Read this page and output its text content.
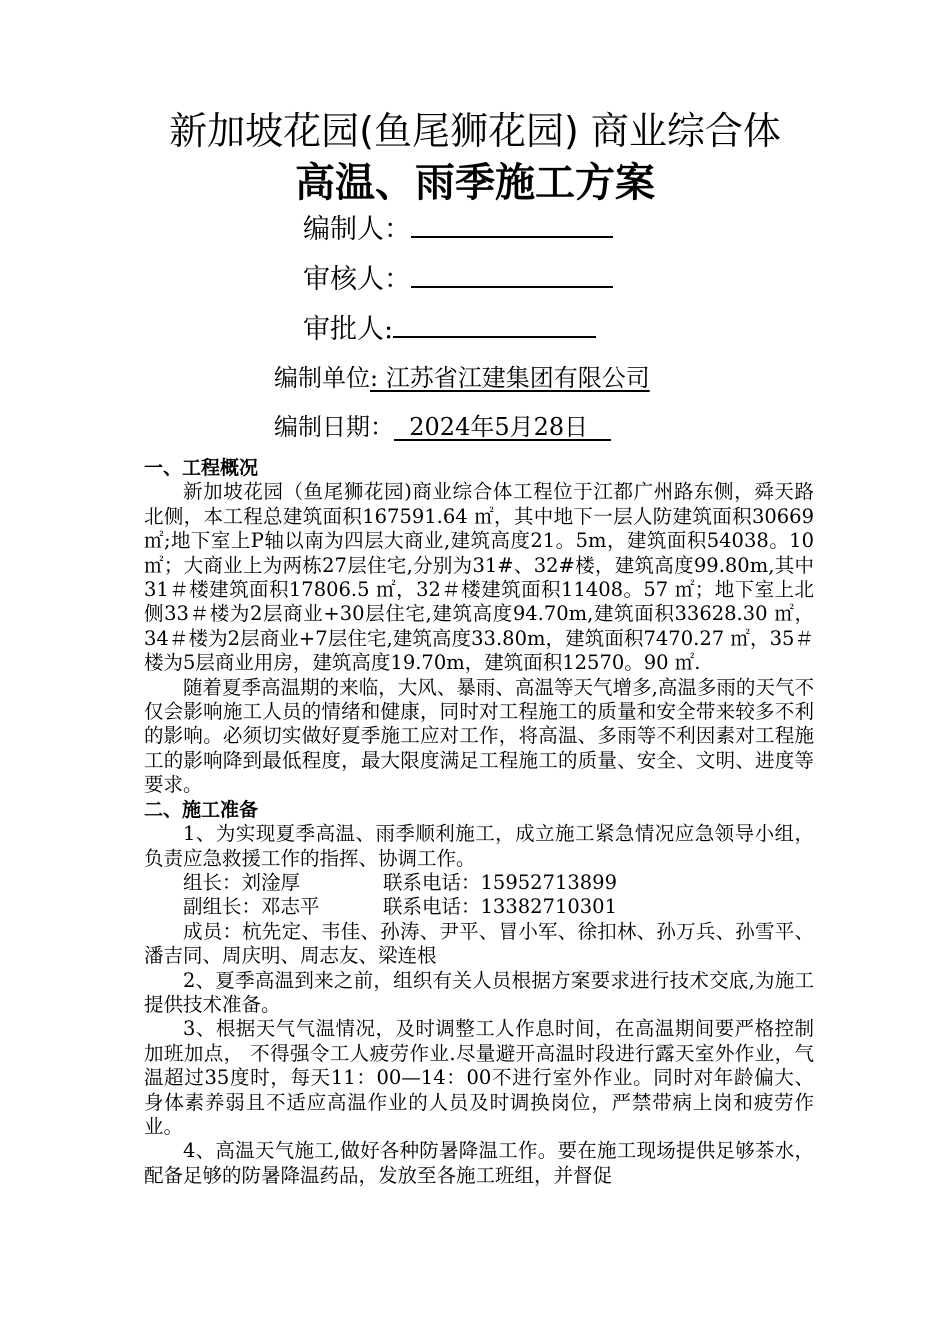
新加坡花园(鱼尾狮花园) 商业综合体
高温、雨季施工方案
编制人：
审核人：
审批人:
编制单位: 江苏省江建集团有限公司
编制日期：  2024年5月28日
一、工程概况

新加坡花园（鱼尾狮花园)商业综合体工程位于江都广州路东侧，舜天路北侧，本工程总建筑面积167591.64 ㎡，其中地下一层人防建筑面积30669㎡;地下室上P轴以南为四层大商业,建筑高度21。5m，建筑面积54038。10 ㎡；大商业上为两栋27层住宅,分别为31#、32#楼，建筑高度99.80m,其中31＃楼建筑面积17806.5 ㎡，32＃楼建筑面积11408。57 ㎡；地下室上北侧33＃楼为2层商业+30层住宅,建筑高度94.70m,建筑面积33628.30 ㎡，34＃楼为2层商业+7层住宅,建筑高度33.80m，建筑面积7470.27 ㎡，35＃楼为5层商业用房，建筑高度19.70m，建筑面积12570。90 ㎡.

随着夏季高温期的来临，大风、暴雨、高温等天气增多,高温多雨的天气不仅会影响施工人员的情绪和健康，同时对工程施工的质量和安全带来较多不利的影响。必须切实做好夏季施工应对工作，将高温、多雨等不利因素对工程施工的影响降到最低程度，最大限度满足工程施工的质量、安全、文明、进度等要求。

二、施工准备

1、为实现夏季高温、雨季顺利施工，成立施工紧急情况应急领导小组，负责应急救援工作的指挥、协调工作。

组长：刘淦厚	联系电话：15952713899

副组长：邓志平	联系电话：13382710301

成员：杭先定、韦佳、孙涛、尹平、冒小军、徐扣林、孙万兵、孙雪平、潘吉同、周庆明、周志友、梁连根

2、夏季高温到来之前，组织有关人员根据方案要求进行技术交底,为施工提供技术准备。

3、根据天气气温情况，及时调整工人作息时间，在高温期间要严格控制加班加点， 不得强令工人疲劳作业.尽量避开高温时段进行露天室外作业，气温超过35度时，每天11：00—14：00不进行室外作业。同时对年龄偏大、身体素养弱且不适应高温作业的人员及时调换岗位，严禁带病上岗和疲劳作业。

4、高温天气施工,做好各种防暑降温工作。要在施工现场提供足够茶水，配备足够的防暑降温药品，发放至各施工班组，并督促
